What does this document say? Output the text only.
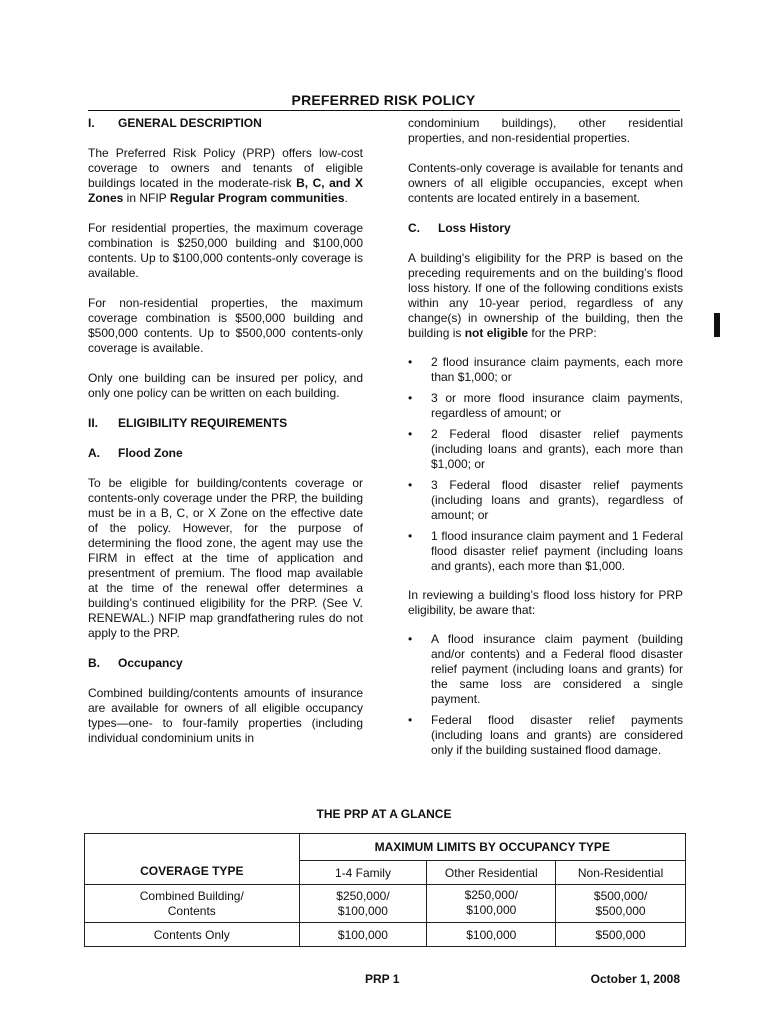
PREFERRED RISK POLICY
I.	GENERAL DESCRIPTION

The Preferred Risk Policy (PRP) offers low-cost coverage to owners and tenants of eligible buildings located in the moderate-risk B, C, and X Zones in NFIP Regular Program communities.

For residential properties, the maximum coverage combination is $250,000 building and $100,000 contents. Up to $100,000 contents-only coverage is available.

For non-residential properties, the maximum coverage combination is $500,000 building and $500,000 contents. Up to $500,000 contents-only coverage is available.

Only one building can be insured per policy, and only one policy can be written on each building.

II.	ELIGIBILITY REQUIREMENTS
A.	Flood Zone

To be eligible for building/contents coverage or contents-only coverage under the PRP, the building must be in a B, C, or X Zone on the effective date of the policy. However, for the purpose of determining the flood zone, the agent may use the FIRM in effect at the time of application and presentment of premium. The flood map available at the time of the renewal offer determines a building’s continued eligibility for the PRP. (See V. RENEWAL.) NFIP map grandfathering rules do not apply to the PRP.

B.	Occupancy

Combined building/contents amounts of insurance are available for owners of all eligible occupancy types—one- to four-family properties (including individual condominium units in

condominium buildings), other residential properties, and non-residential properties.

Contents-only coverage is available for tenants and owners of all eligible occupancies, except when contents are located entirely in a basement.

C.	Loss History

A building's eligibility for the PRP is based on the preceding requirements and on the building’s flood loss history. If one of the following conditions exists within any 10-year period, regardless of any change(s) in ownership of the building, then the building is not eligible for the PRP:

• 2 flood insurance claim payments, each more than $1,000; or
• 3 or more flood insurance claim payments, regardless of amount; or
• 2 Federal flood disaster relief payments (including loans and grants), each more than $1,000; or
• 3 Federal flood disaster relief payments (including loans and grants), regardless of amount; or
• 1 flood insurance claim payment and 1 Federal flood disaster relief payment (including loans and grants), each more than $1,000.

In reviewing a building’s flood loss history for PRP eligibility, be aware that:

• A flood insurance claim payment (building and/or contents) and a Federal flood disaster relief payment (including loans and grants) for the same loss are considered a single payment.
• Federal flood disaster relief payments (including loans and grants) are considered only if the building sustained flood damage.
THE PRP AT A GLANCE
COVERAGE TYPE	MAXIMUM LIMITS BY OCCUPANCY TYPE		
	1-4 Family	Other Residential	Non-Residential
Combined Building/
Contents	$250,000/
$100,000	$250,000/
$100,000	$500,000/
$500,000
Contents Only	$100,000	$100,000	$500,000
PRP 1	October 1, 2008
